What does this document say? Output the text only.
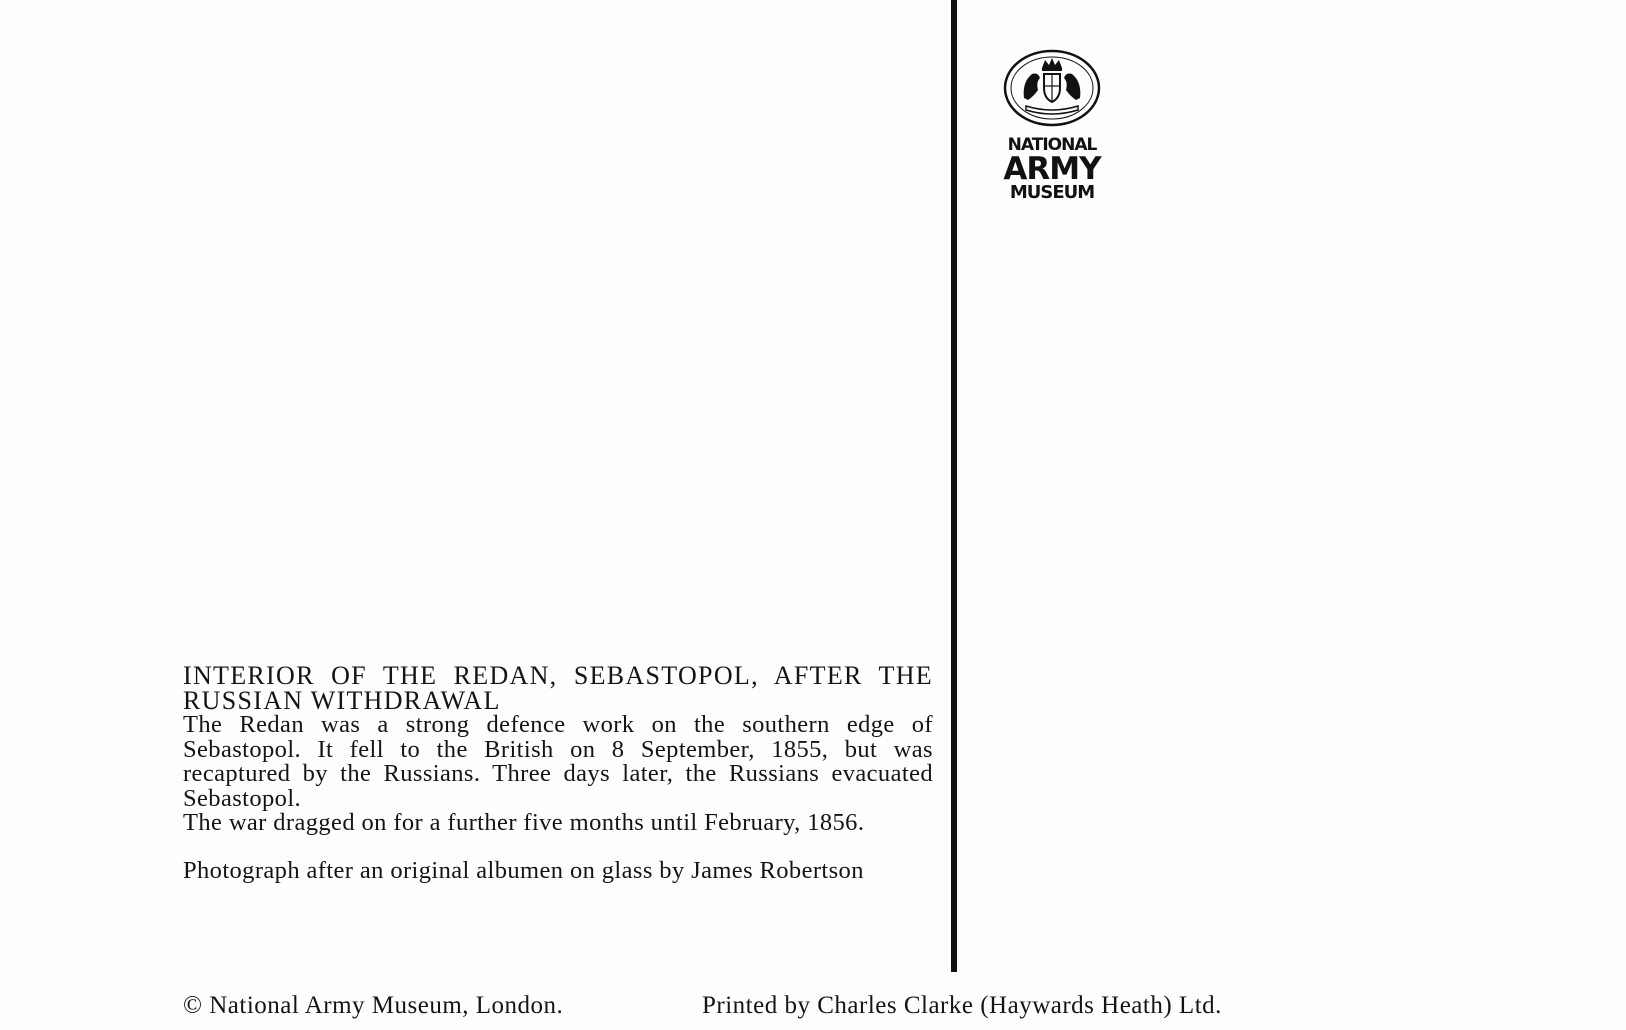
INTERIOR OF THE REDAN, SEBASTOPOL, AFTER THE RUSSIAN WITHDRAWAL

The Redan was a strong defence work on the southern edge of Sebastopol. It fell to the British on 8 September, 1855, but was recaptured by the Russians. Three days later, the Russians evacuated Sebastopol.

The war dragged on for a further five months until February, 1856.

Photograph after an original albumen on glass by James Robertson

NATIONAL
ARMY
MUSEUM
© National Army Museum, London.	Printed by Charles Clarke (Haywards Heath) Ltd.
